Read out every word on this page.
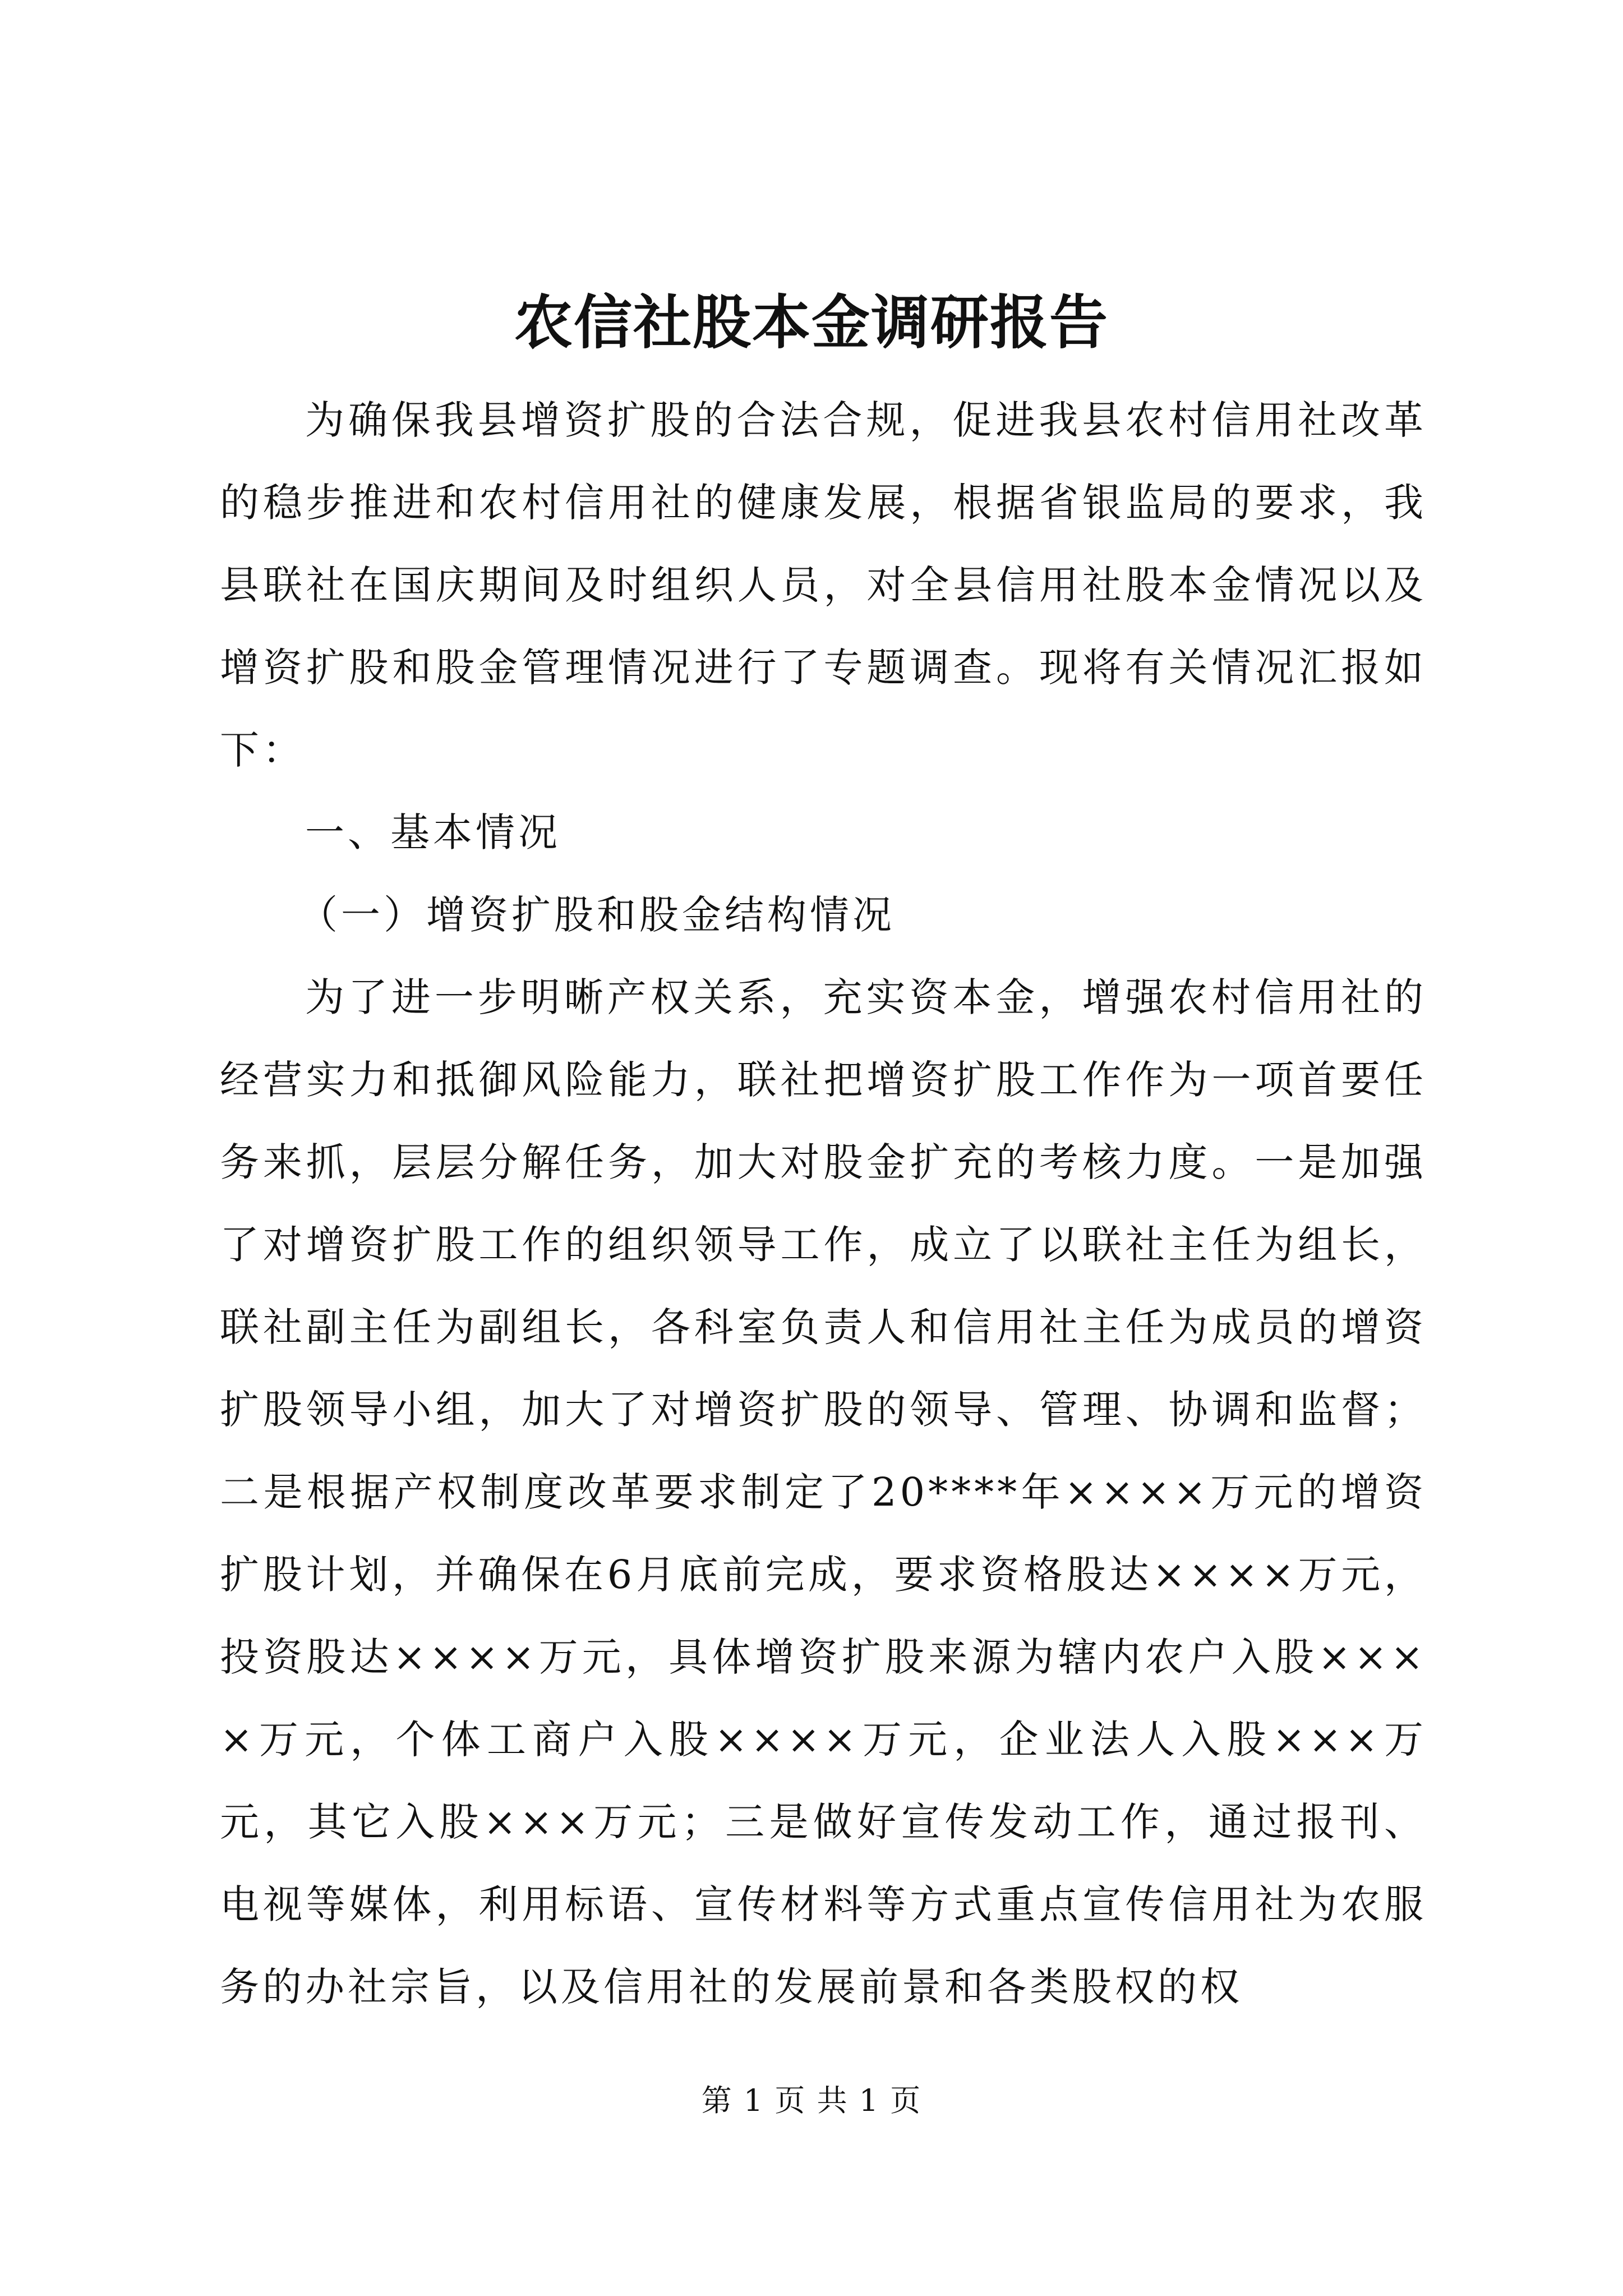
农信社股本金调研报告

为确保我县增资扩股的合法合规，促进我县农村信用社改革的稳步推进和农村信用社的健康发展，根据省银监局的要求，我县联社在国庆期间及时组织人员，对全县信用社股本金情况以及增资扩股和股金管理情况进行了专题调查。现将有关情况汇报如下：

一、基本情况

（一）增资扩股和股金结构情况

为了进一步明晰产权关系，充实资本金，增强农村信用社的经营实力和抵御风险能力，联社把增资扩股工作作为一项首要任务来抓，层层分解任务，加大对股金扩充的考核力度。一是加强了对增资扩股工作的组织领导工作，成立了以联社主任为组长，联社副主任为副组长，各科室负责人和信用社主任为成员的增资扩股领导小组，加大了对增资扩股的领导、管理、协调和监督；二是根据产权制度改革要求制定了20****年××××万元的增资扩股计划，并确保在6月底前完成，要求资格股达××××万元，投资股达××××万元，具体增资扩股来源为辖内农户入股××××万元，个体工商户入股××××万元，企业法人入股×××万元，其它入股×××万元；三是做好宣传发动工作，通过报刊、电视等媒体，利用标语、宣传材料等方式重点宣传信用社为农服务的办社宗旨，以及信用社的发展前景和各类股权的权

第 1 页 共 1 页
